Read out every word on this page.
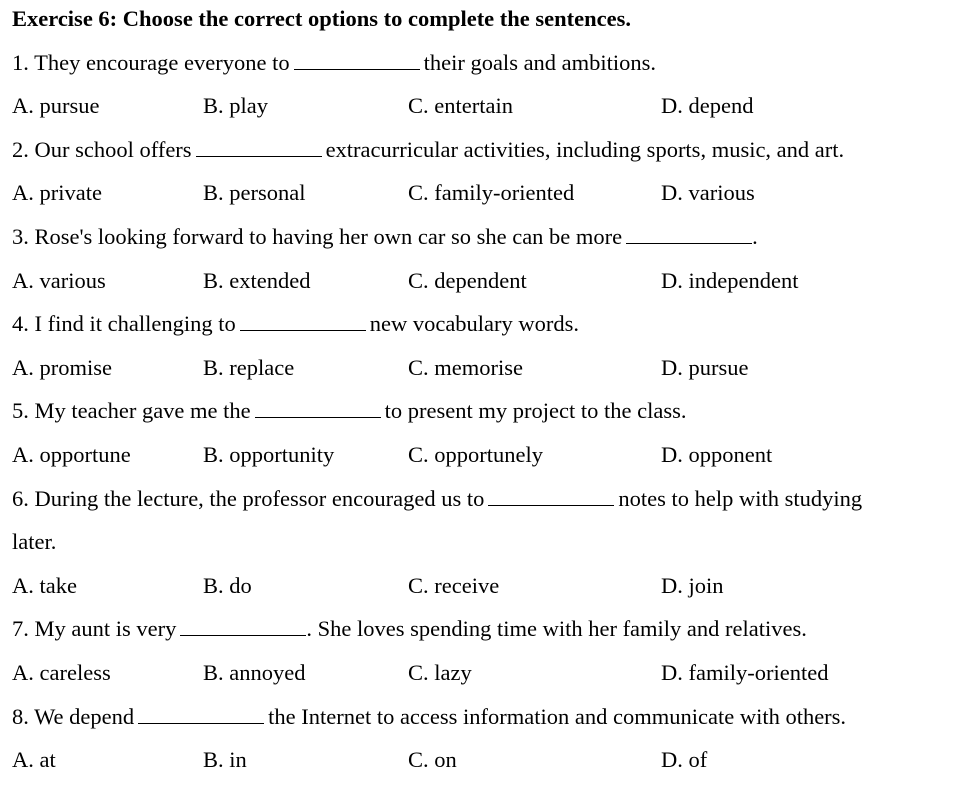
Exercise 6: Choose the correct options to complete the sentences.
1. They encourage everyone to	their goals and ambitions.
A. pursue	B. play	C. entertain	D. depend
2. Our school offers	extracurricular activities, including sports, music, and art.
A. private	B. personal	C. family-oriented	D. various
3. Rose's looking forward to having her own car so she can be more	.
A. various	B. extended	C. dependent	D. independent
4. I find it challenging to	new vocabulary words.
A. promise	B. replace	C. memorise	D. pursue
5. My teacher gave me the	to present my project to the class.
A. opportune	B. opportunity	C. opportunely	D. opponent
6. During the lecture, the professor encouraged us to	notes to help with studying
later.
A. take	B. do	C. receive	D. join
7. My aunt is very	. She loves spending time with her family and relatives.
A. careless	B. annoyed	C. lazy	D. family-oriented
8. We depend	the Internet to access information and communicate with others.
A. at	B. in	C. on	D. of
